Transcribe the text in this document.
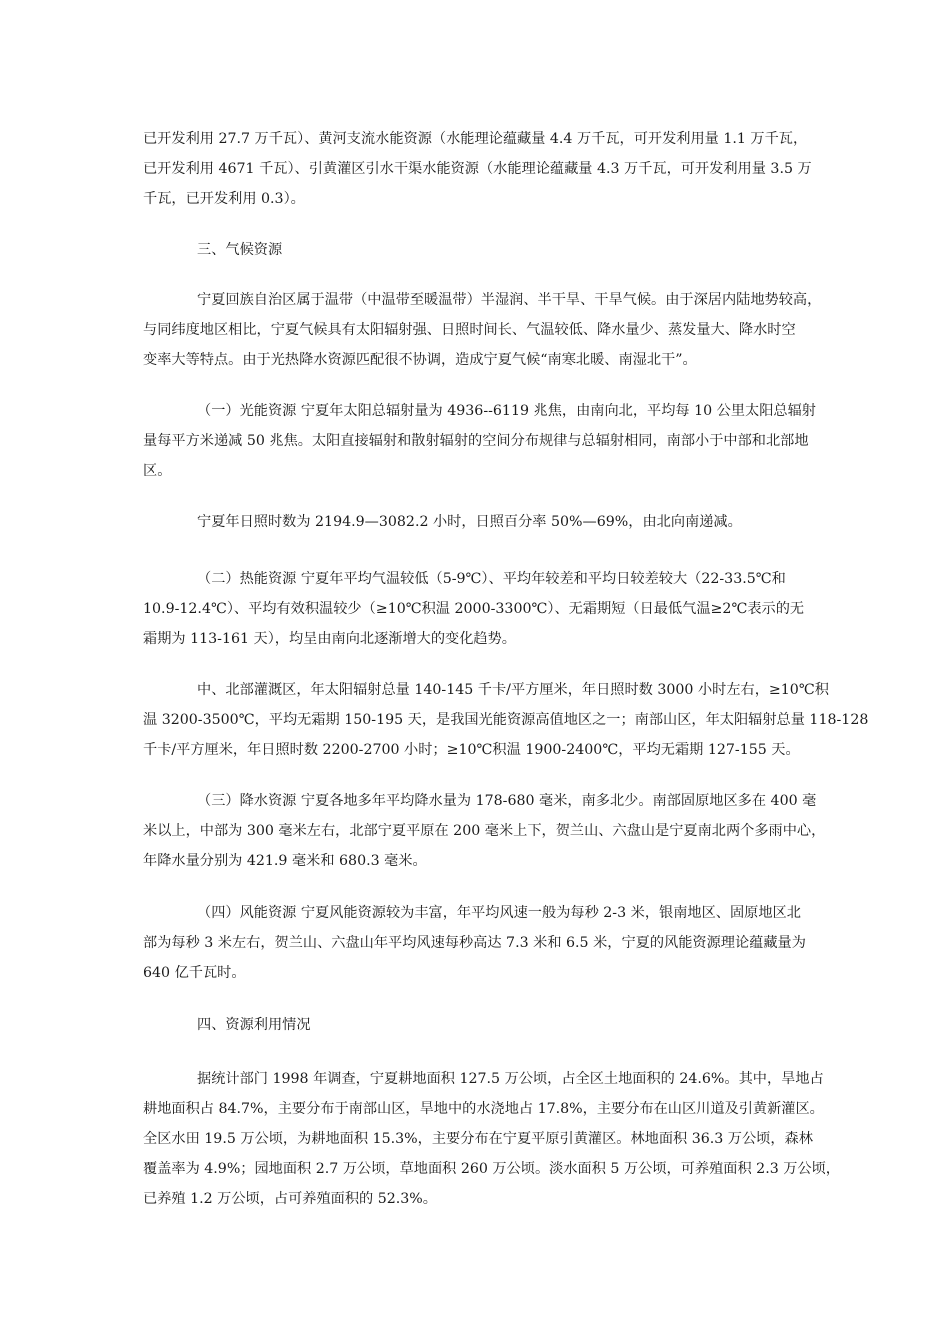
已开发利用 27.7 万千瓦）、黄河支流水能资源（水能理论蕴藏量 4.4 万千瓦，可开发利用量 1.1 万千瓦，
已开发利用 4671 千瓦）、引黄灌区引水干渠水能资源（水能理论蕴藏量 4.3 万千瓦，可开发利用量 3.5 万
千瓦，已开发利用 0.3）。
三、气候资源
宁夏回族自治区属于温带（中温带至暖温带）半湿润、半干旱、干旱气候。由于深居内陆地势较高，
与同纬度地区相比，宁夏气候具有太阳辐射强、日照时间长、气温较低、降水量少、蒸发量大、降水时空
变率大等特点。由于光热降水资源匹配很不协调，造成宁夏气候“南寒北暖、南湿北干”。
（一）光能资源 宁夏年太阳总辐射量为 4936--6119 兆焦，由南向北，平均每 10 公里太阳总辐射
量每平方米递减 50 兆焦。太阳直接辐射和散射辐射的空间分布规律与总辐射相同，南部小于中部和北部地
区。
宁夏年日照时数为 2194.9—3082.2 小时，日照百分率 50%—69%，由北向南递减。
（二）热能资源 宁夏年平均气温较低（5-9℃）、平均年较差和平均日较差较大（22-33.5℃和
10.9-12.4℃）、平均有效积温较少（≥10℃积温 2000-3300℃）、无霜期短（日最低气温≥2℃表示的无
霜期为 113-161 天），均呈由南向北逐渐增大的变化趋势。
中、北部灌溉区，年太阳辐射总量 140-145 千卡/平方厘米，年日照时数 3000 小时左右，≥10℃积
温 3200-3500℃，平均无霜期 150-195 天，是我国光能资源高值地区之一；南部山区，年太阳辐射总量 118-128
千卡/平方厘米，年日照时数 2200-2700 小时；≥10℃积温 1900-2400℃，平均无霜期 127-155 天。
（三）降水资源 宁夏各地多年平均降水量为 178-680 毫米，南多北少。南部固原地区多在 400 毫
米以上，中部为 300 毫米左右，北部宁夏平原在 200 毫米上下，贺兰山、六盘山是宁夏南北两个多雨中心，
年降水量分别为 421.9 毫米和 680.3 毫米。
（四）风能资源 宁夏风能资源较为丰富，年平均风速一般为每秒 2-3 米，银南地区、固原地区北
部为每秒 3 米左右，贺兰山、六盘山年平均风速每秒高达 7.3 米和 6.5 米，宁夏的风能资源理论蕴藏量为
640 亿千瓦时。
四、资源利用情况
据统计部门 1998 年调查，宁夏耕地面积 127.5 万公顷，占全区土地面积的 24.6%。其中，旱地占
耕地面积占 84.7%，主要分布于南部山区，旱地中的水浇地占 17.8%，主要分布在山区川道及引黄新灌区。
全区水田 19.5 万公顷，为耕地面积 15.3%，主要分布在宁夏平原引黄灌区。林地面积 36.3 万公顷，森林
覆盖率为 4.9%；园地面积 2.7 万公顷，草地面积 260 万公顷。淡水面积 5 万公顷，可养殖面积 2.3 万公顷，
已养殖 1.2 万公顷，占可养殖面积的 52.3%。
